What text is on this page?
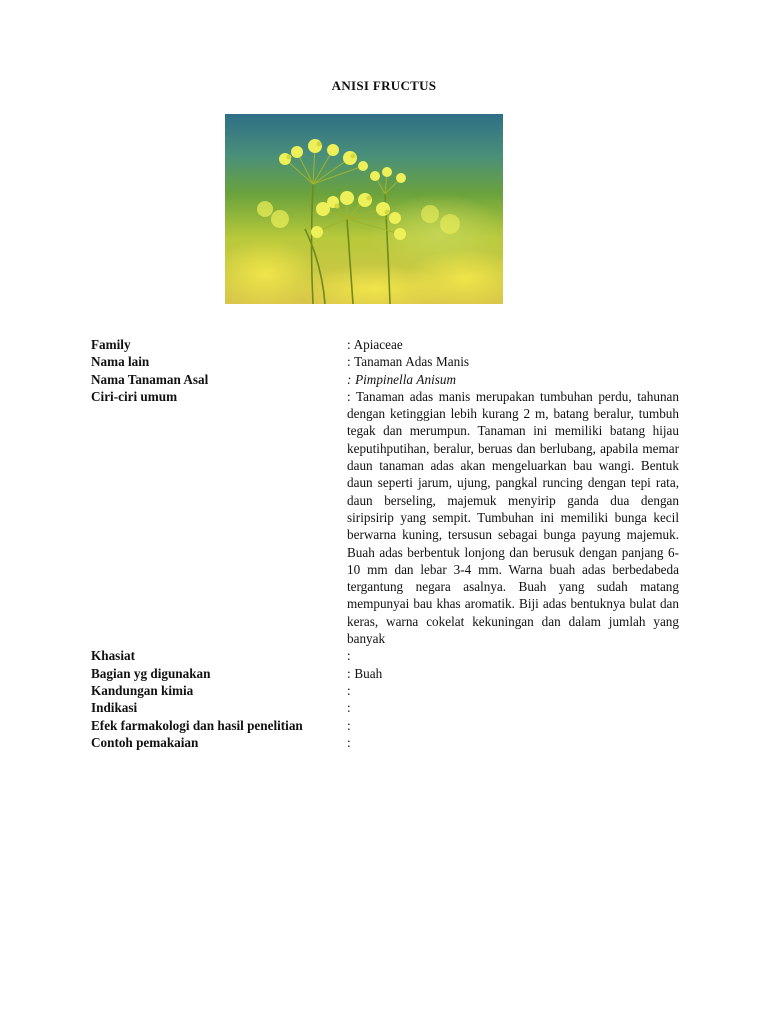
ANISI FRUCTUS
Family	: Apiaceae
Nama lain	: Tanaman Adas Manis
Nama Tanaman Asal	: Pimpinella Anisum
Ciri-ciri umum	: Tanaman adas manis merupakan tumbuhan perdu, tahunan dengan ketinggian lebih kurang 2 m, batang beralur, tumbuh tegak dan merumpun. Tanaman ini memiliki batang hijau keputihputihan, beralur, beruas dan berlubang, apabila memar daun tanaman adas akan mengeluarkan bau wangi. Bentuk daun seperti jarum, ujung, pangkal runcing dengan tepi rata, daun berseling, majemuk menyirip ganda dua dengan siripsirip yang sempit. Tumbuhan ini memiliki bunga kecil berwarna kuning, tersusun sebagai bunga payung majemuk. Buah adas berbentuk lonjong dan berusuk dengan panjang 6-10 mm dan lebar 3-4 mm. Warna buah adas berbedabeda tergantung negara asalnya. Buah yang sudah matang mempunyai bau khas aromatik. Biji adas bentuknya bulat dan keras, warna cokelat kekuningan dan dalam jumlah yang banyak
Khasiat	:
Bagian yg digunakan	: Buah
Kandungan kimia	:
Indikasi	:
Efek farmakologi dan hasil penelitian	:
Contoh pemakaian	:
